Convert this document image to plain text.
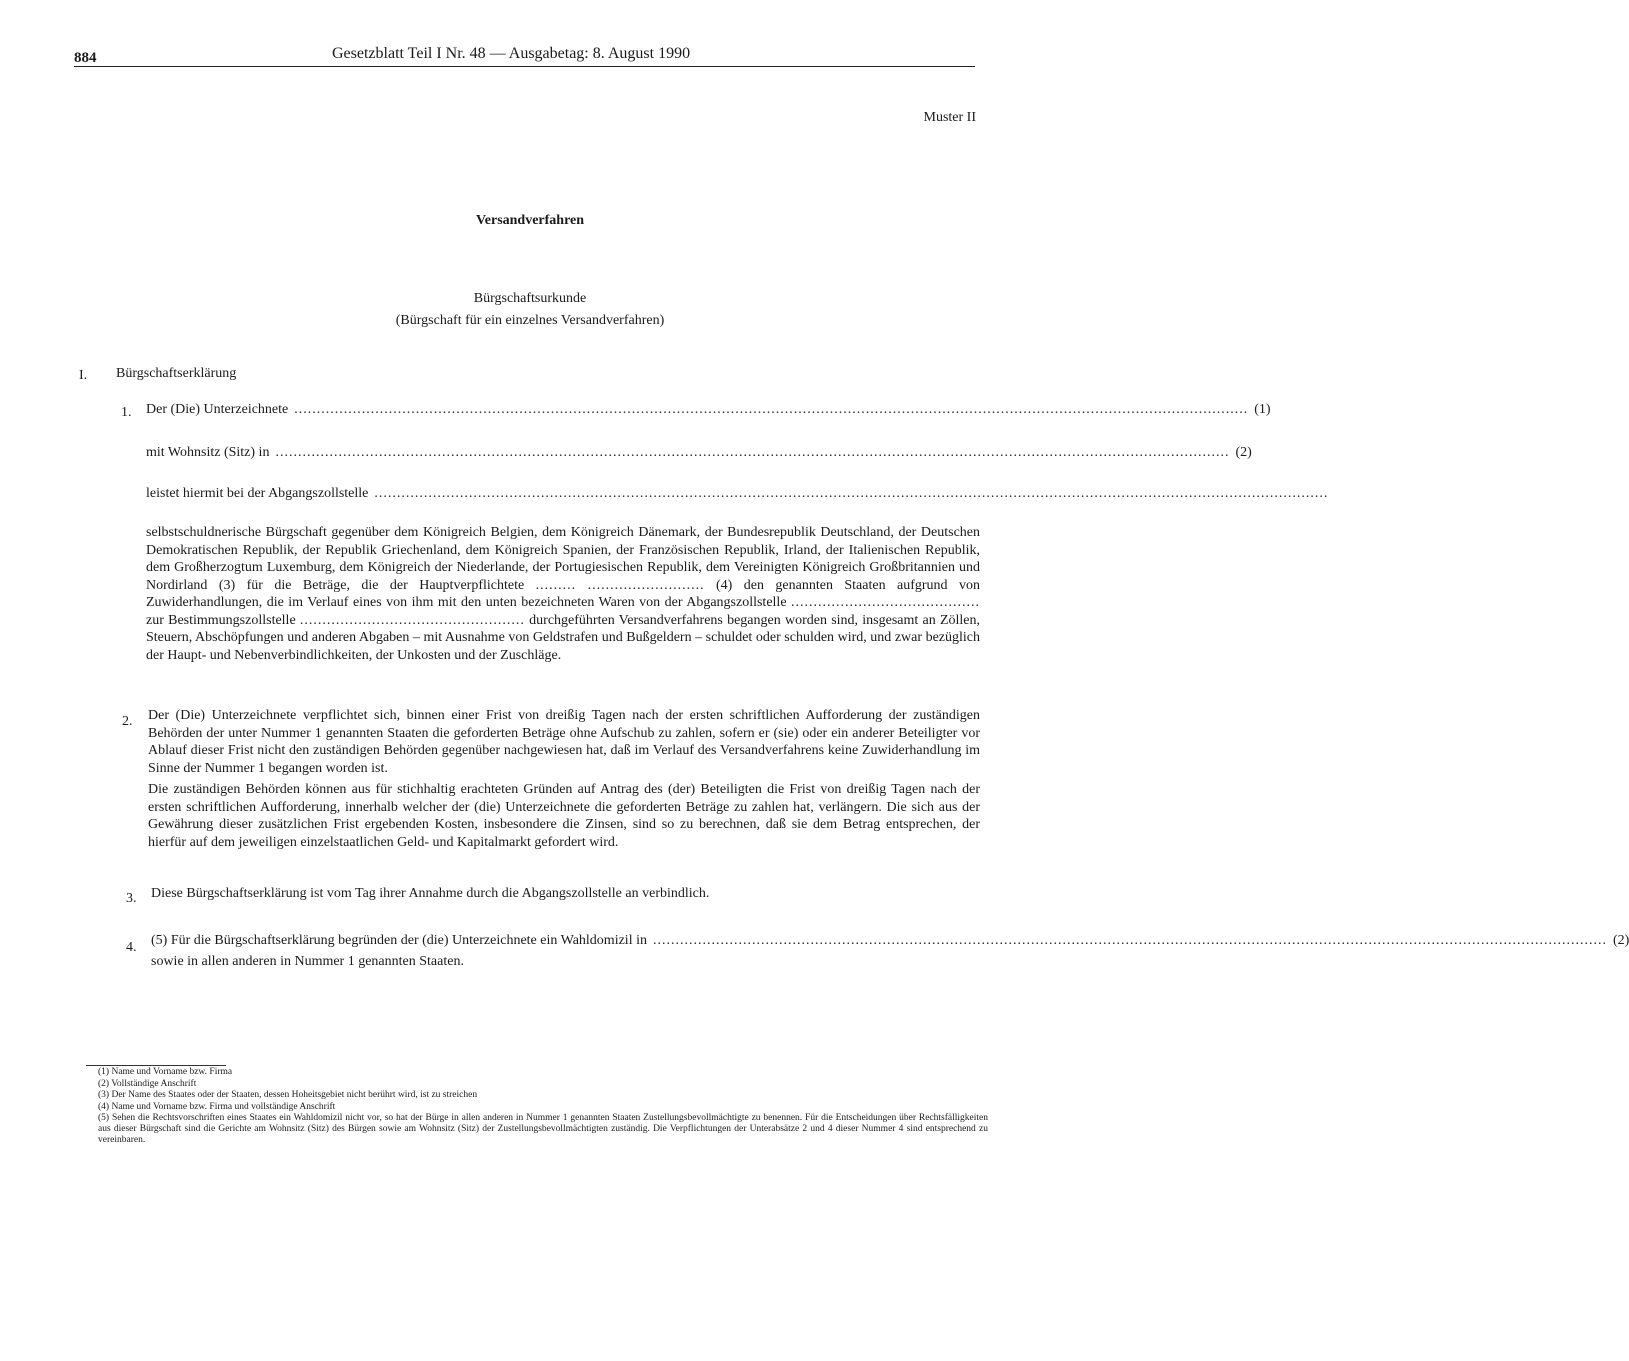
884	Gesetzblatt Teil I Nr. 48 — Ausgabetag: 8. August 1990
Muster II
Versandverfahren
Bürgschaftsurkunde
(Bürgschaft für ein einzelnes Versandverfahren)
I. Bürgschaftserklärung
1. Der (Die) Unterzeichnete .................................................................................................................................................................................................................... (1)
mit Wohnsitz (Sitz) in .................................................................................................................................................................................................................... (2)
leistet hiermit bei der Abgangszollstelle ....................................................................................................................................................................................................................
selbstschuldnerische Bürgschaft gegenüber dem Königreich Belgien, dem Königreich Dänemark, der Bundesrepublik Deutschland, der Deutschen Demokratischen Republik, der Republik Griechenland, dem Königreich Spanien, der Französischen Republik, Irland, der Italienischen Republik, dem Großherzogtum Luxemburg, dem Königreich der Niederlande, der Portugiesischen Republik, dem Vereinigten Königreich Großbritannien und Nordirland (3) für die Beträge, die der Hauptverpflichtete ......... .......................... (4) den genannten Staaten aufgrund von Zuwiderhandlungen, die im Verlauf eines von ihm mit den unten bezeichneten Waren von der Abgangszollstelle .......................................... zur Bestimmungszollstelle .................................................. durchgeführten Versandverfahrens begangen worden sind, insgesamt an Zöllen, Steuern, Abschöpfungen und anderen Abgaben – mit Ausnahme von Geldstrafen und Bußgeldern – schuldet oder schulden wird, und zwar bezüglich der Haupt- und Nebenverbindlichkeiten, der Unkosten und der Zuschläge.
2. Der (Die) Unterzeichnete verpflichtet sich, binnen einer Frist von dreißig Tagen nach der ersten schriftlichen Aufforderung der zuständigen Behörden der unter Nummer 1 genannten Staaten die geforderten Beträge ohne Aufschub zu zahlen, sofern er (sie) oder ein anderer Beteiligter vor Ablauf dieser Frist nicht den zuständigen Behörden gegenüber nachgewiesen hat, daß im Verlauf des Versandverfahrens keine Zuwiderhandlung im Sinne der Nummer 1 begangen worden ist.
Die zuständigen Behörden können aus für stichhaltig erachteten Gründen auf Antrag des (der) Beteiligten die Frist von dreißig Tagen nach der ersten schriftlichen Aufforderung, innerhalb welcher der (die) Unterzeichnete die geforderten Beträge zu zahlen hat, verlängern. Die sich aus der Gewährung dieser zusätzlichen Frist ergebenden Kosten, insbesondere die Zinsen, sind so zu berechnen, daß sie dem Betrag entsprechen, der hierfür auf dem jeweiligen einzelstaatlichen Geld- und Kapitalmarkt gefordert wird.
3. Diese Bürgschaftserklärung ist vom Tag ihrer Annahme durch die Abgangszollstelle an verbindlich.
4. (5) Für die Bürgschaftserklärung begründen der (die) Unterzeichnete ein Wahldomizil in .................................................................................................................................................................................................................... (2)
sowie in allen anderen in Nummer 1 genannten Staaten.
(1) Name und Vorname bzw. Firma
(2) Vollständige Anschrift
(3) Der Name des Staates oder der Staaten, dessen Hoheitsgebiet nicht berührt wird, ist zu streichen
(4) Name und Vorname bzw. Firma und vollständige Anschrift
(5) Sehen die Rechtsvorschriften eines Staates ein Wahldomizil nicht vor, so hat der Bürge in allen anderen in Nummer 1 genannten Staaten Zustellungsbevollmächtigte zu benennen. Für die Entscheidungen über Rechtsfälligkeiten aus dieser Bürgschaft sind die Gerichte am Wohnsitz (Sitz) des Bürgen sowie am Wohnsitz (Sitz) der Zustellungsbevollmächtigten zuständig. Die Verpflichtungen der Unterabsätze 2 und 4 dieser Nummer 4 sind entsprechend zu vereinbaren.
